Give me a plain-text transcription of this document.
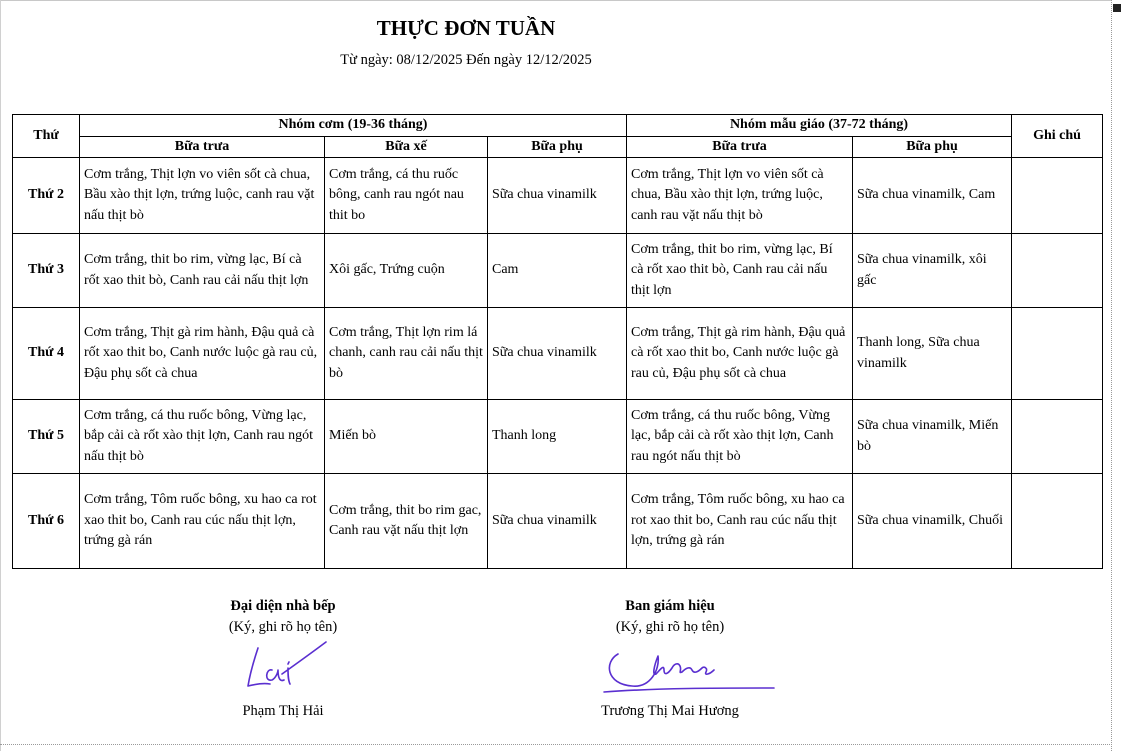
THỰC ĐƠN TUẦN
Từ ngày: 08/12/2025 Đến ngày 12/12/2025
Thứ	Nhóm cơm (19-36 tháng)			Nhóm mẫu giáo (37-72 tháng)		Ghi chú
	Bữa trưa	Bữa xế	Bữa phụ	Bữa trưa	Bữa phụ	
Thứ 2	Cơm trắng, Thịt lợn vo viên sốt cà chua, Bầu xào thịt lợn, trứng luộc, canh rau vặt nấu thịt bò	Cơm trắng, cá thu ruốc bông, canh rau ngót nau thit bo	Sữa chua vinamilk	Cơm trắng, Thịt lợn vo viên sốt cà chua, Bầu xào thịt lợn, trứng luộc, canh rau vặt nấu thịt bò	Sữa chua vinamilk, Cam	
Thứ 3	Cơm trắng, thit bo rim, vừng lạc, Bí cà rốt xao thit bò, Canh rau cải nấu thịt lợn	Xôi gấc, Trứng cuộn	Cam	Cơm trắng, thit bo rim, vừng lạc, Bí cà rốt xao thit bò, Canh rau cải nấu thịt lợn	Sữa chua vinamilk, xôi gấc	
Thứ 4	Cơm trắng, Thịt gà rim hành, Đậu quả cà rốt xao thit bo, Canh nước luộc gà rau củ, Đậu phụ sốt cà chua	Cơm trắng, Thịt lợn rim lá chanh, canh rau cải nấu thịt bò	Sữa chua vinamilk	Cơm trắng, Thịt gà rim hành, Đậu quả cà rốt xao thit bo, Canh nước luộc gà rau củ, Đậu phụ sốt cà chua	Thanh long, Sữa chua vinamilk	
Thứ 5	Cơm trắng, cá thu ruốc bông, Vừng lạc, bắp cải cà rốt xào thịt lợn, Canh rau ngót nấu thịt bò	Miến bò	Thanh long	Cơm trắng, cá thu ruốc bông, Vừng lạc, bắp cải cà rốt xào thịt lợn, Canh rau ngót nấu thịt bò	Sữa chua vinamilk, Miến bò	
Thứ 6	Cơm trắng, Tôm ruốc bông, xu hao ca rot xao thit bo, Canh rau cúc nấu thịt lợn, trứng gà rán	Cơm trắng, thit bo rim gac, Canh rau vặt nấu thịt lợn	Sữa chua vinamilk	Cơm trắng, Tôm ruốc bông, xu hao ca rot xao thit bo, Canh rau cúc nấu thịt lợn, trứng gà rán	Sữa chua vinamilk, Chuối	
Đại diện nhà bếp
(Ký, ghi rõ họ tên)
Phạm Thị Hải
Ban giám hiệu
(Ký, ghi rõ họ tên)
Trương Thị Mai Hương
